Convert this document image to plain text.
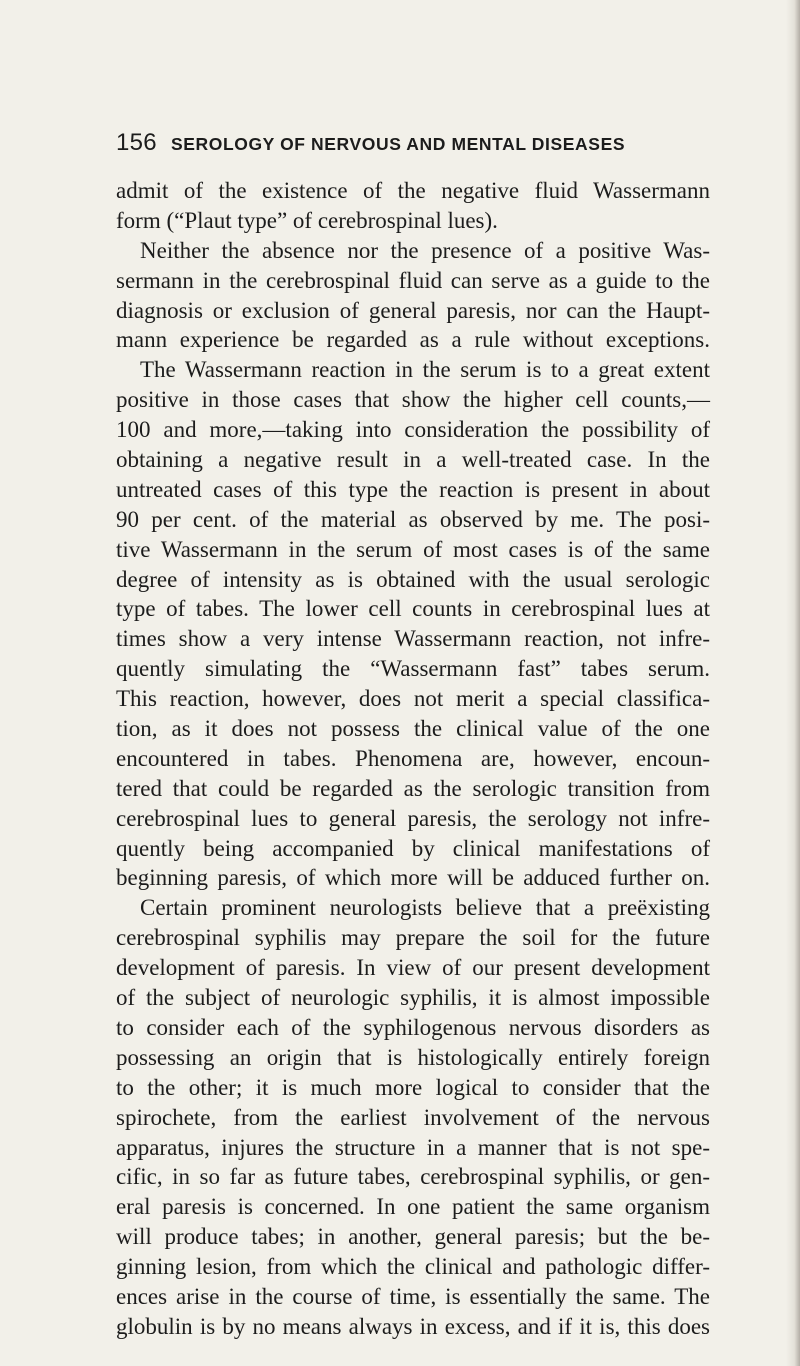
156 SEROLOGY OF NERVOUS AND MENTAL DISEASES
admit of the existence of the negative fluid Wassermann
form (“Plaut type” of cerebrospinal lues).
Neither the absence nor the presence of a positive Was-
sermann in the cerebrospinal fluid can serve as a guide to the
diagnosis or exclusion of general paresis, nor can the Haupt-
mann experience be regarded as a rule without exceptions.
The Wassermann reaction in the serum is to a great extent
positive in those cases that show the higher cell counts,—
100 and more,—taking into consideration the possibility of
obtaining a negative result in a well-treated case. In the
untreated cases of this type the reaction is present in about
90 per cent. of the material as observed by me. The posi-
tive Wassermann in the serum of most cases is of the same
degree of intensity as is obtained with the usual serologic
type of tabes. The lower cell counts in cerebrospinal lues at
times show a very intense Wassermann reaction, not infre-
quently simulating the “Wassermann fast” tabes serum.
This reaction, however, does not merit a special classifica-
tion, as it does not possess the clinical value of the one
encountered in tabes. Phenomena are, however, encoun-
tered that could be regarded as the serologic transition from
cerebrospinal lues to general paresis, the serology not infre-
quently being accompanied by clinical manifestations of
beginning paresis, of which more will be adduced further on.
Certain prominent neurologists believe that a preëxisting
cerebrospinal syphilis may prepare the soil for the future
development of paresis. In view of our present development
of the subject of neurologic syphilis, it is almost impossible
to consider each of the syphilogenous nervous disorders as
possessing an origin that is histologically entirely foreign
to the other; it is much more logical to consider that the
spirochete, from the earliest involvement of the nervous
apparatus, injures the structure in a manner that is not spe-
cific, in so far as future tabes, cerebrospinal syphilis, or gen-
eral paresis is concerned. In one patient the same organism
will produce tabes; in another, general paresis; but the be-
ginning lesion, from which the clinical and pathologic differ-
ences arise in the course of time, is essentially the same. The
globulin is by no means always in excess, and if it is, this does
